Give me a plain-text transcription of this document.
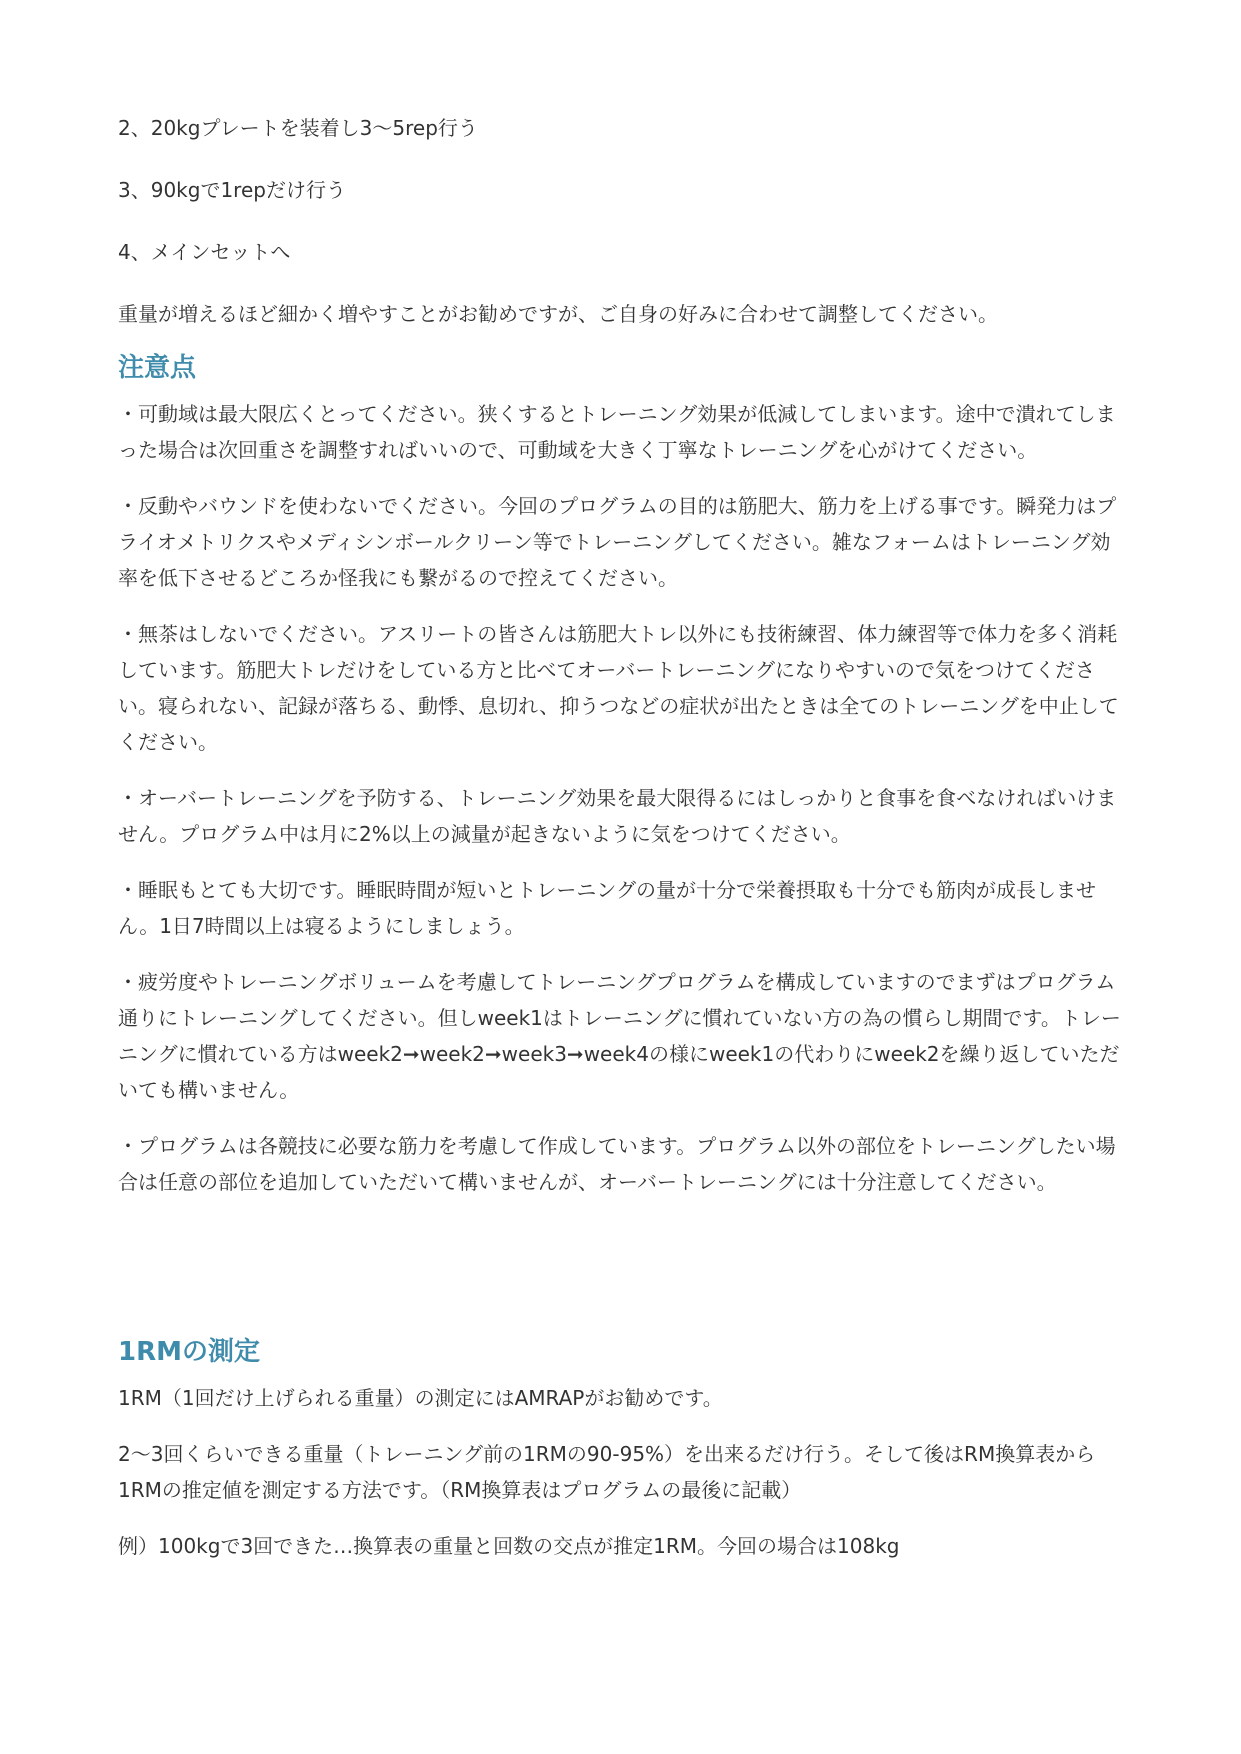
2、20kgプレートを装着し3〜5rep行う

3、90kgで1repだけ行う

4、メインセットへ

重量が増えるほど細かく増やすことがお勧めですが、ご自身の好みに合わせて調整してください。

注意点

・可動域は最大限広くとってください。狭くするとトレーニング効果が低減してしまいます。途中で潰れてしまった場合は次回重さを調整すればいいので、可動域を大きく丁寧なトレーニングを心がけてください。

・反動やバウンドを使わないでください。今回のプログラムの目的は筋肥大、筋力を上げる事です。瞬発力はプライオメトリクスやメディシンボールクリーン等でトレーニングしてください。雑なフォームはトレーニング効率を低下させるどころか怪我にも繋がるので控えてください。

・無茶はしないでください。アスリートの皆さんは筋肥大トレ以外にも技術練習、体力練習等で体力を多く消耗しています。筋肥大トレだけをしている方と比べてオーバートレーニングになりやすいので気をつけてください。寝られない、記録が落ちる、動悸、息切れ、抑うつなどの症状が出たときは全てのトレーニングを中止してください。

・オーバートレーニングを予防する、トレーニング効果を最大限得るにはしっかりと食事を食べなければいけません。プログラム中は月に2%以上の減量が起きないように気をつけてください。

・睡眠もとても大切です。睡眠時間が短いとトレーニングの量が十分で栄養摂取も十分でも筋肉が成長しません。1日7時間以上は寝るようにしましょう。

・疲労度やトレーニングボリュームを考慮してトレーニングプログラムを構成していますのでまずはプログラム通りにトレーニングしてください。但しweek1はトレーニングに慣れていない方の為の慣らし期間です。トレーニングに慣れている方はweek2➞week2➞week3➞week4の様にweek1の代わりにweek2を繰り返していただいても構いません。

・プログラムは各競技に必要な筋力を考慮して作成しています。プログラム以外の部位をトレーニングしたい場合は任意の部位を追加していただいて構いませんが、オーバートレーニングには十分注意してください。

1RMの測定

1RM（1回だけ上げられる重量）の測定にはAMRAPがお勧めです。

2〜3回くらいできる重量（トレーニング前の1RMの90-95%）を出来るだけ行う。そして後はRM換算表から1RMの推定値を測定する方法です。（RM換算表はプログラムの最後に記載）

例）100kgで3回できた…換算表の重量と回数の交点が推定1RM。今回の場合は108kg
